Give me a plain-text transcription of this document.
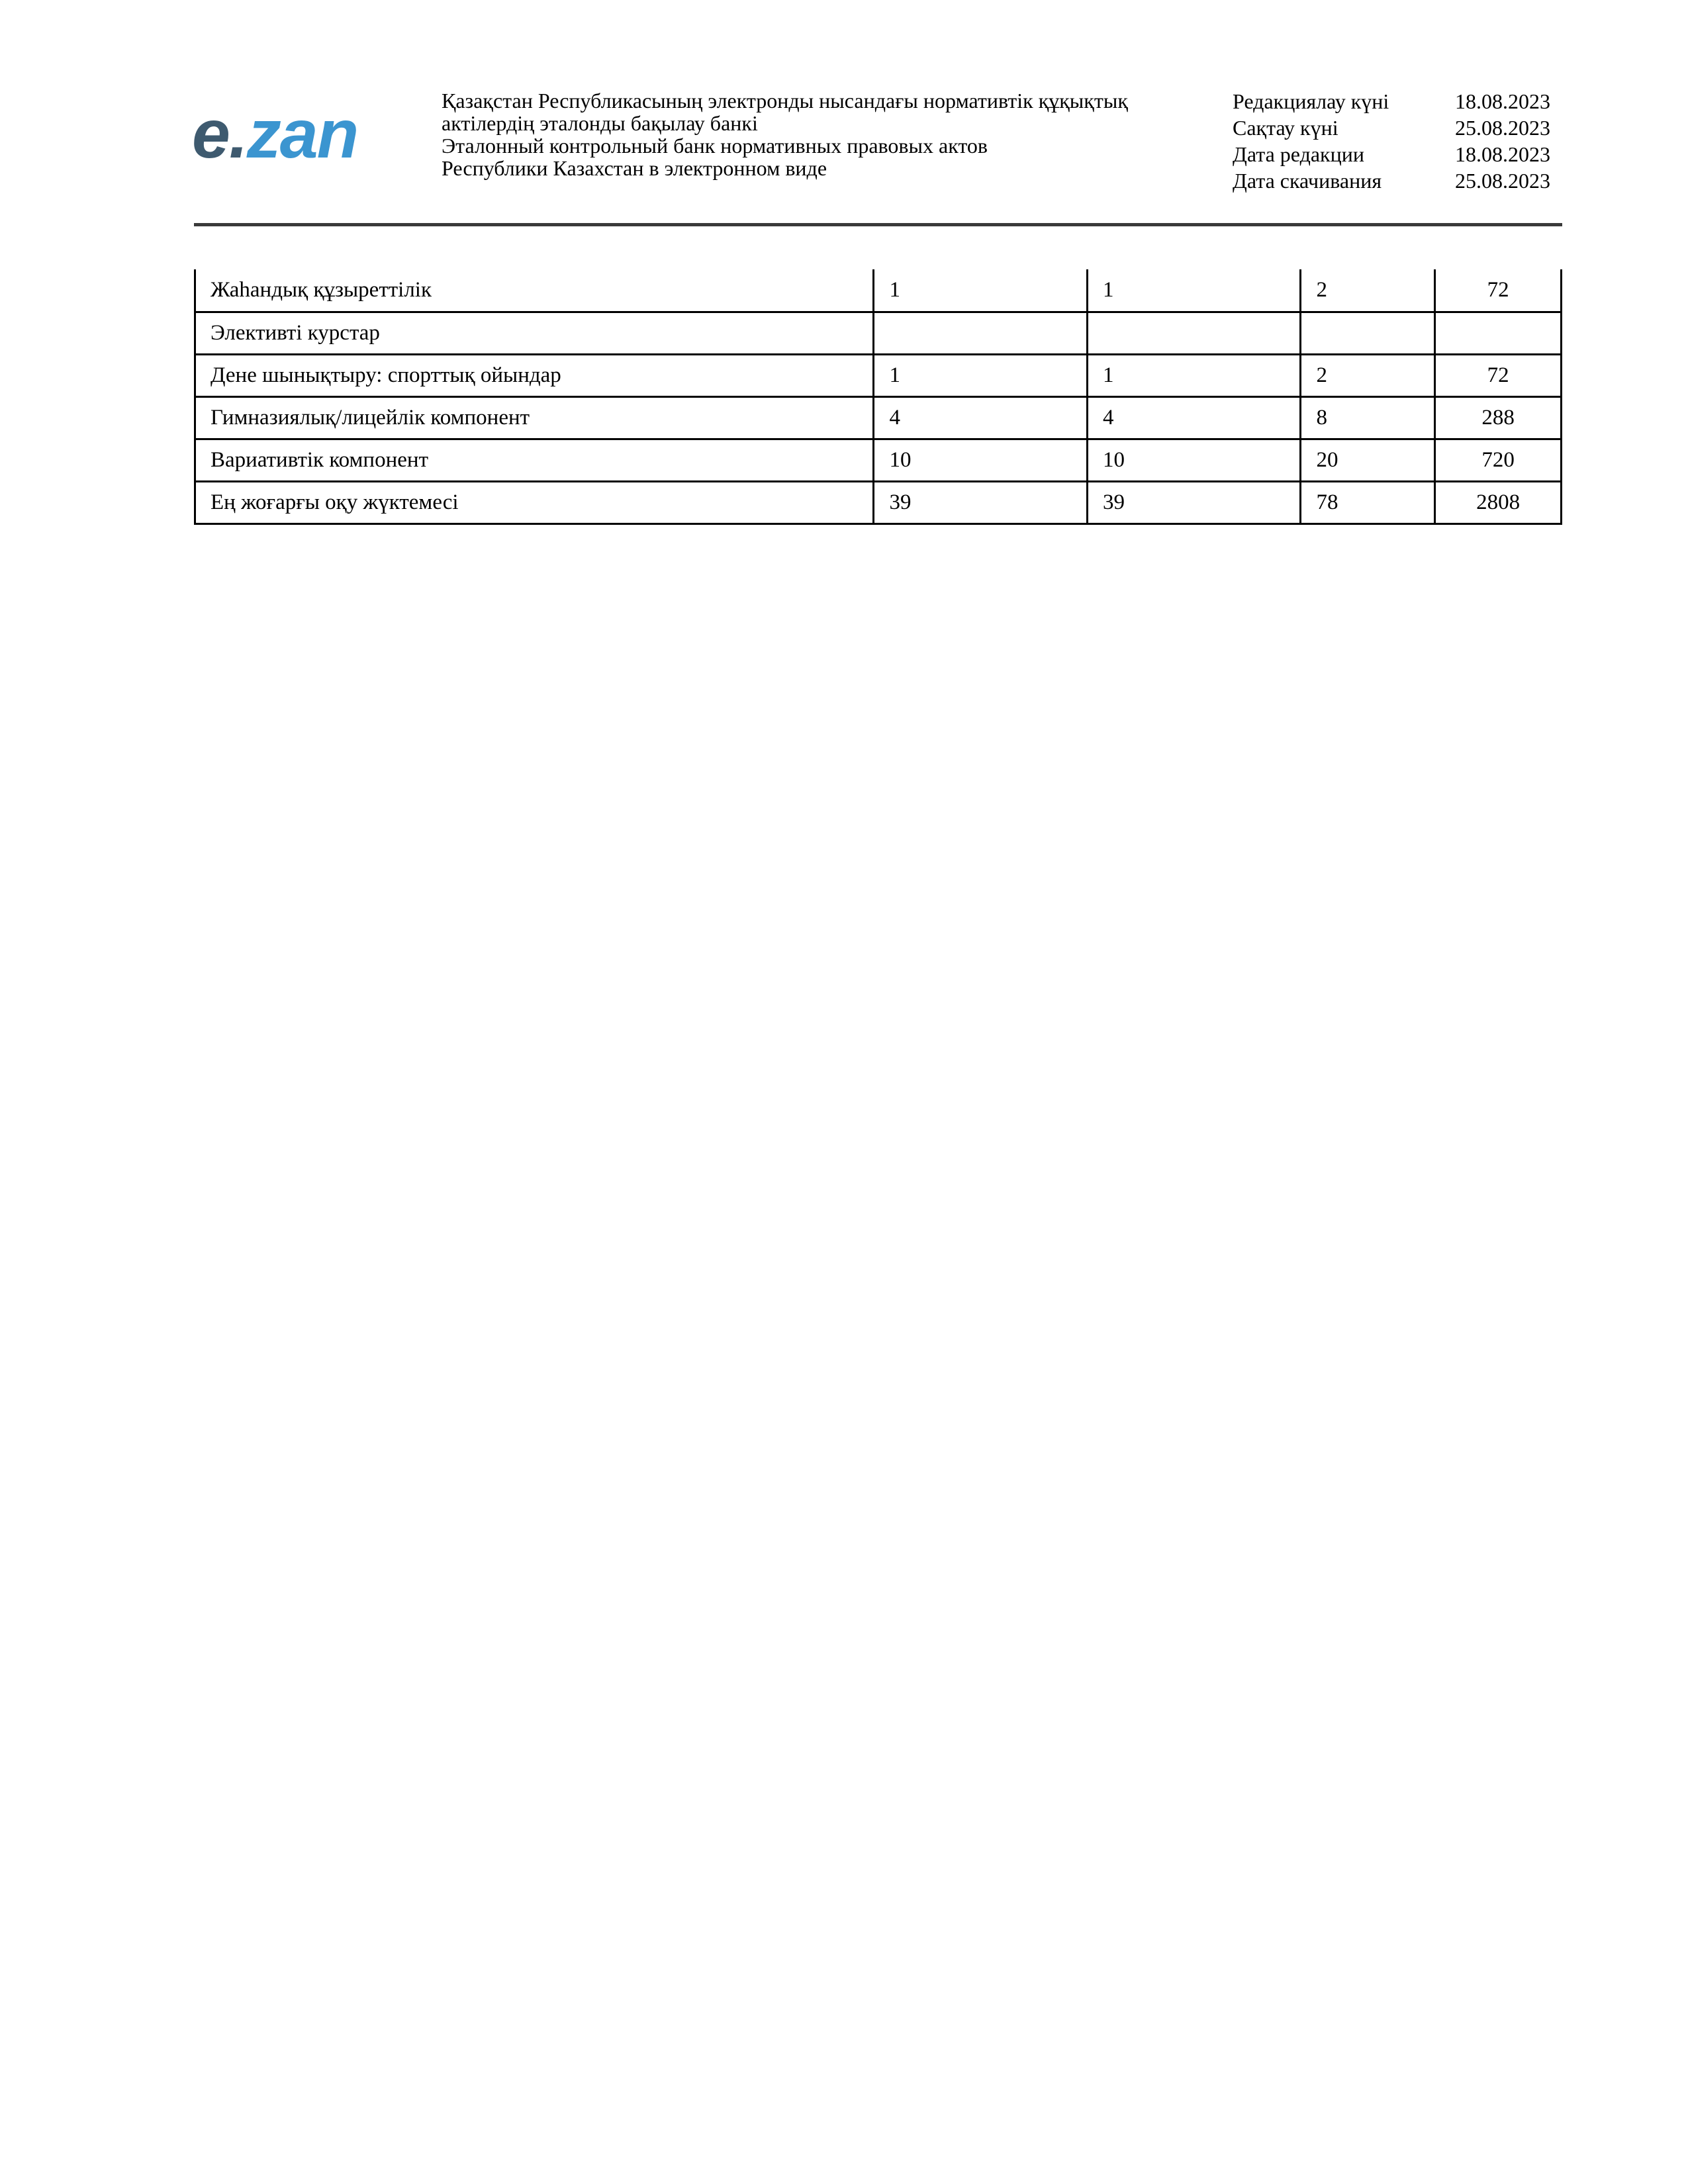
e.zan	Қазақстан Республикасының электронды нысандағы нормативтік құқықтық
актілердің эталонды бақылау банкі
Эталонный контрольный банк нормативных правовых актов
Республики Казахстан в электронном виде
Редакциялау күні	18.08.2023
Сақтау күні	25.08.2023
Дата редакции	18.08.2023
Дата скачивания	25.08.2023
Жаһандық құзыреттілік	1	1	2	72
Элективті курстар				
Дене шынықтыру: спорттық ойындар	1	1	2	72
Гимназиялық/лицейлік компонент	4	4	8	288
Вариативтік компонент	10	10	20	720
Ең жоғарғы оқу жүктемесі	39	39	78	2808
